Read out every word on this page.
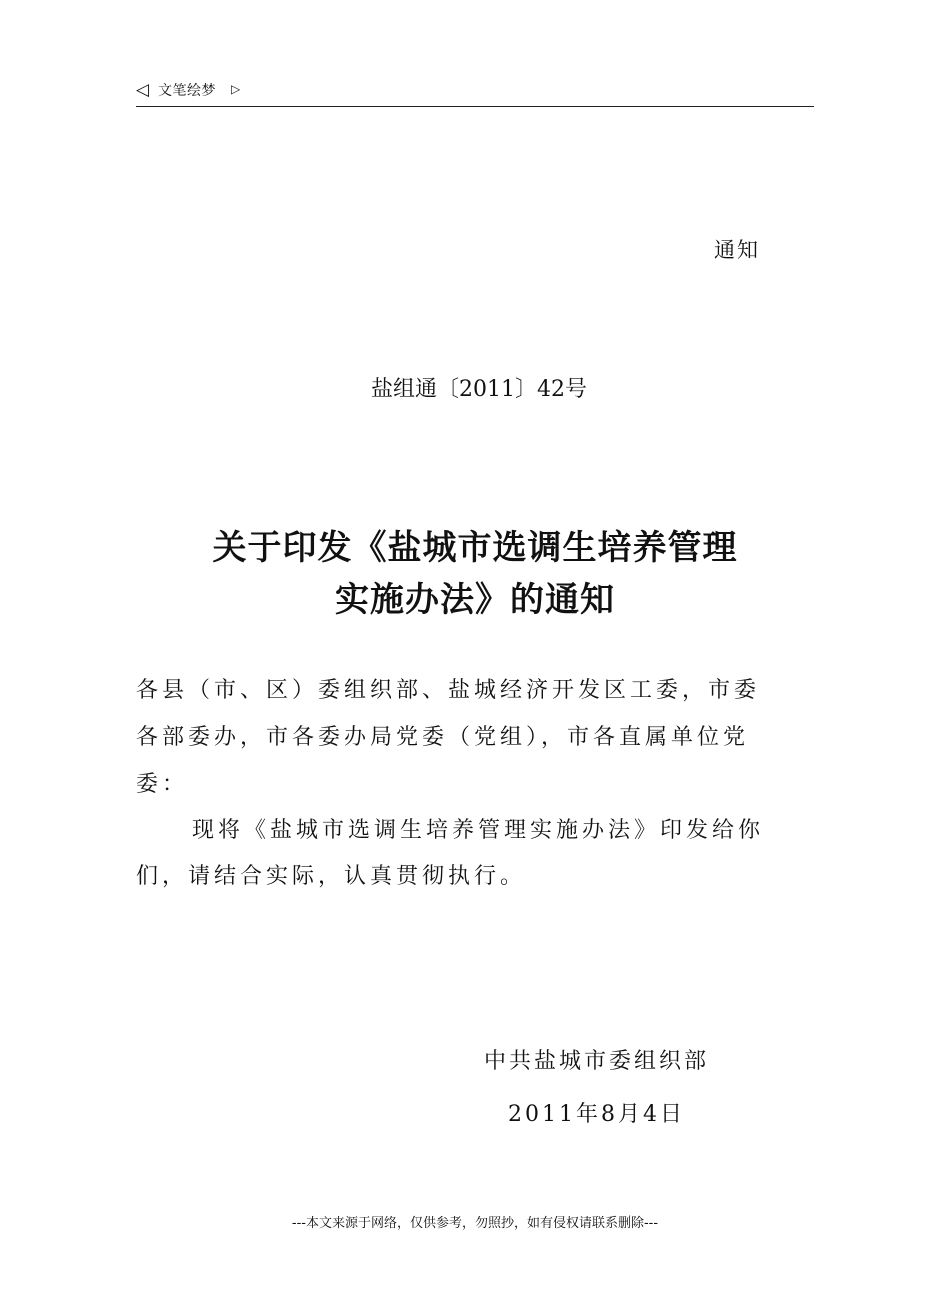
◁ 文笔绘梦 ▷
通知
盐组通〔2011〕42号
关于印发《盐城市选调生培养管理
实施办法》的通知
各县（市、区）委组织部、盐城经济开发区工委，市委
各部委办，市各委办局党委（党组），市各直属单位党
委：
现将《盐城市选调生培养管理实施办法》印发给你
们，请结合实际，认真贯彻执行。
中共盐城市委组织部
2011年8月4日
---本文来源于网络，仅供参考，勿照抄，如有侵权请联系删除---
